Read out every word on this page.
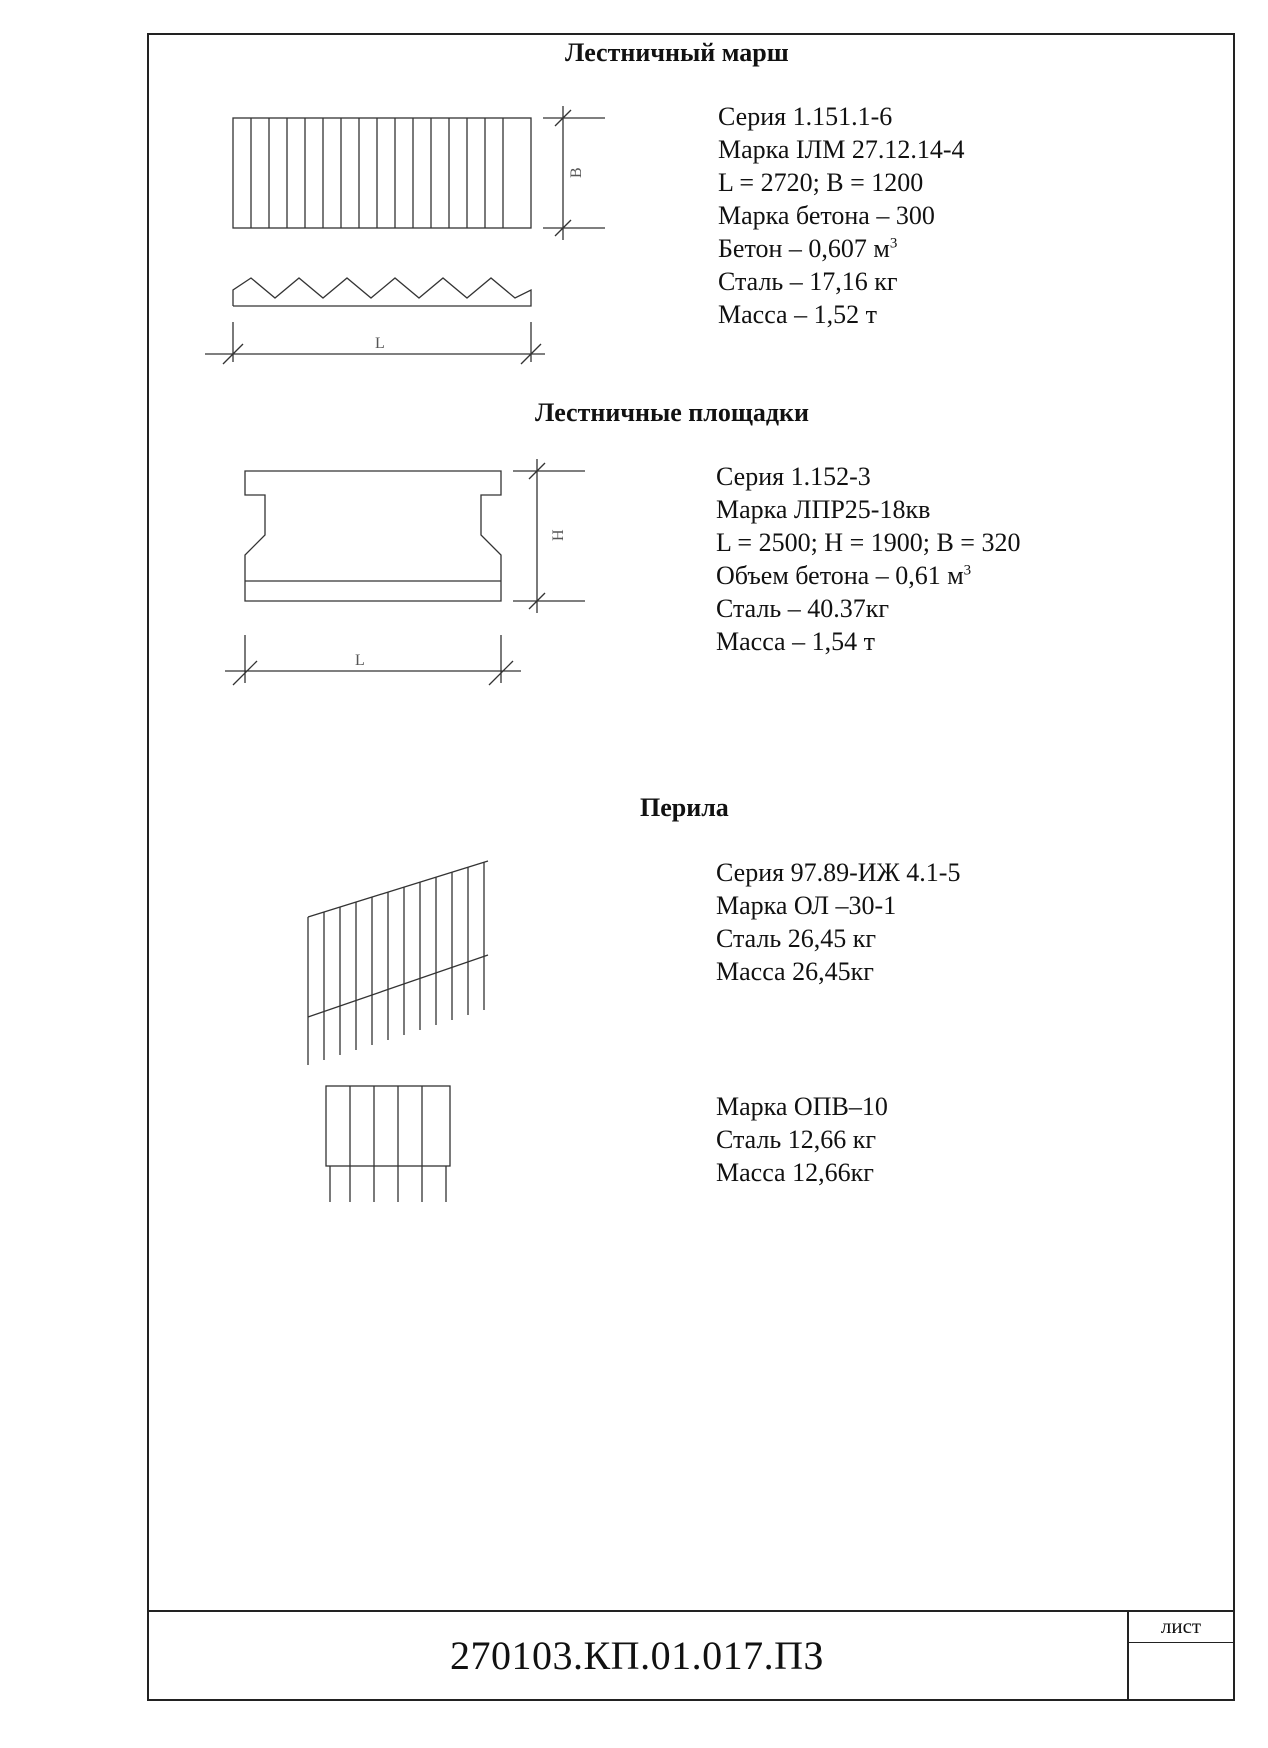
лист
270103.КП.01.017.ПЗ
Лестничный марш
В
L
Серия 1.151.1-6
Марка IЛМ 27.12.14-4
L = 2720; B = 1200
Марка бетона – 300
Бетон – 0,607 $м^3$
Сталь – 17,16 кг
Масса – 1,52 т
Лестничные площадки
H
L
Серия 1.152-3
Марка ЛПР25-18кв
L = 2500; H = 1900; B = 320
Объем бетона – 0,61 $м^3$
Сталь – 40.37кг
Масса – 1,54 т
Перила
Серия 97.89-ИЖ 4.1-5
Марка ОЛ –30-1
Сталь 26,45 кг
Масса 26,45кг
Марка ОПВ–10
Сталь 12,66 кг
Масса 12,66кг
